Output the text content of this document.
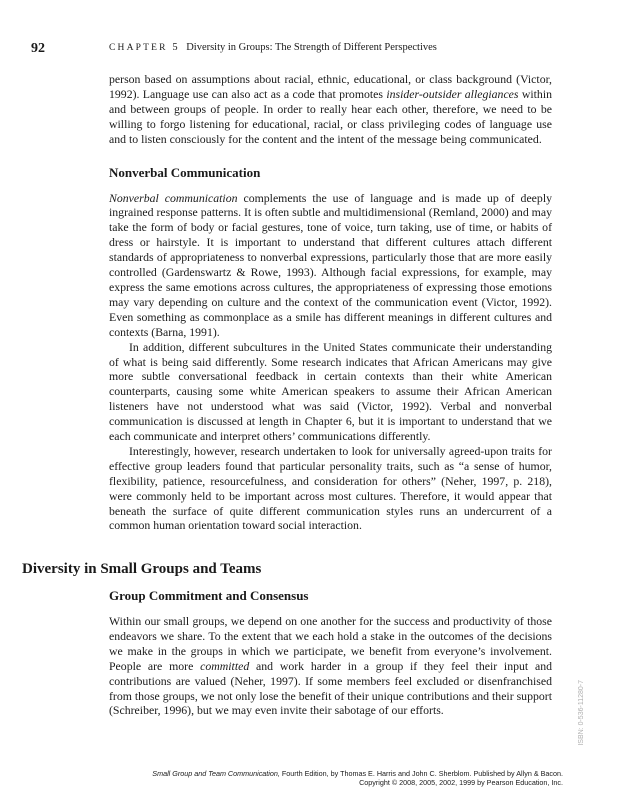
92	CHAPTER 5 Diversity in Groups: The Strength of Different Perspectives

person based on assumptions about racial, ethnic, educational, or class background (Victor, 1992). Language use can also act as a code that promotes insider-outsider allegiances within and between groups of people. In order to really hear each other, therefore, we need to be willing to forgo listening for educational, racial, or class privileging codes of language use and to listen consciously for the content and the intent of the message being communicated.

Nonverbal Communication

Nonverbal communication complements the use of language and is made up of deeply ingrained response patterns. It is often subtle and multidimensional (Remland, 2000) and may take the form of body or facial gestures, tone of voice, turn taking, use of time, or habits of dress or hairstyle. It is important to understand that different cultures attach different standards of appropriateness to nonverbal expressions, particularly those that are more easily controlled (Gardenswartz & Rowe, 1993). Although facial expressions, for example, may express the same emotions across cultures, the appropriateness of expressing those emotions may vary depending on culture and the context of the communication event (Victor, 1992). Even something as commonplace as a smile has different meanings in different cultures and contexts (Barna, 1991).

In addition, different subcultures in the United States communicate their understanding of what is being said differently. Some research indicates that African Americans may give more subtle conversational feedback in certain contexts than their white American counterparts, causing some white American speakers to assume their African American listeners have not understood what was said (Victor, 1992). Verbal and nonverbal communication is discussed at length in Chapter 6, but it is important to understand that we each communicate and interpret others’ communications differently.

Interestingly, however, research undertaken to look for universally agreed-upon traits for effective group leaders found that particular personality traits, such as “a sense of humor, flexibility, patience, resourcefulness, and consideration for others” (Neher, 1997, p. 218), were commonly held to be important across most cultures. Therefore, it would appear that beneath the surface of quite different communication styles runs an undercurrent of a common human orientation toward social interaction.

Diversity in Small Groups and Teams
Group Commitment and Consensus

Within our small groups, we depend on one another for the success and productivity of those endeavors we share. To the extent that we each hold a stake in the outcomes of the decisions we make in the groups in which we participate, we benefit from everyone’s involvement. People are more committed and work harder in a group if they feel their input and contributions are valued (Neher, 1997). If some members feel excluded or disenfranchised from those groups, we not only lose the benefit of their unique contributions and their support (Schreiber, 1996), but we may even invite their sabotage of our efforts.	ISBN: 0-536-11280-7
Small Group and Team Communication, Fourth Edition, by Thomas E. Harris and John C. Sherblom. Published by Allyn & Bacon.
Copyright © 2008, 2005, 2002, 1999 by Pearson Education, Inc.
